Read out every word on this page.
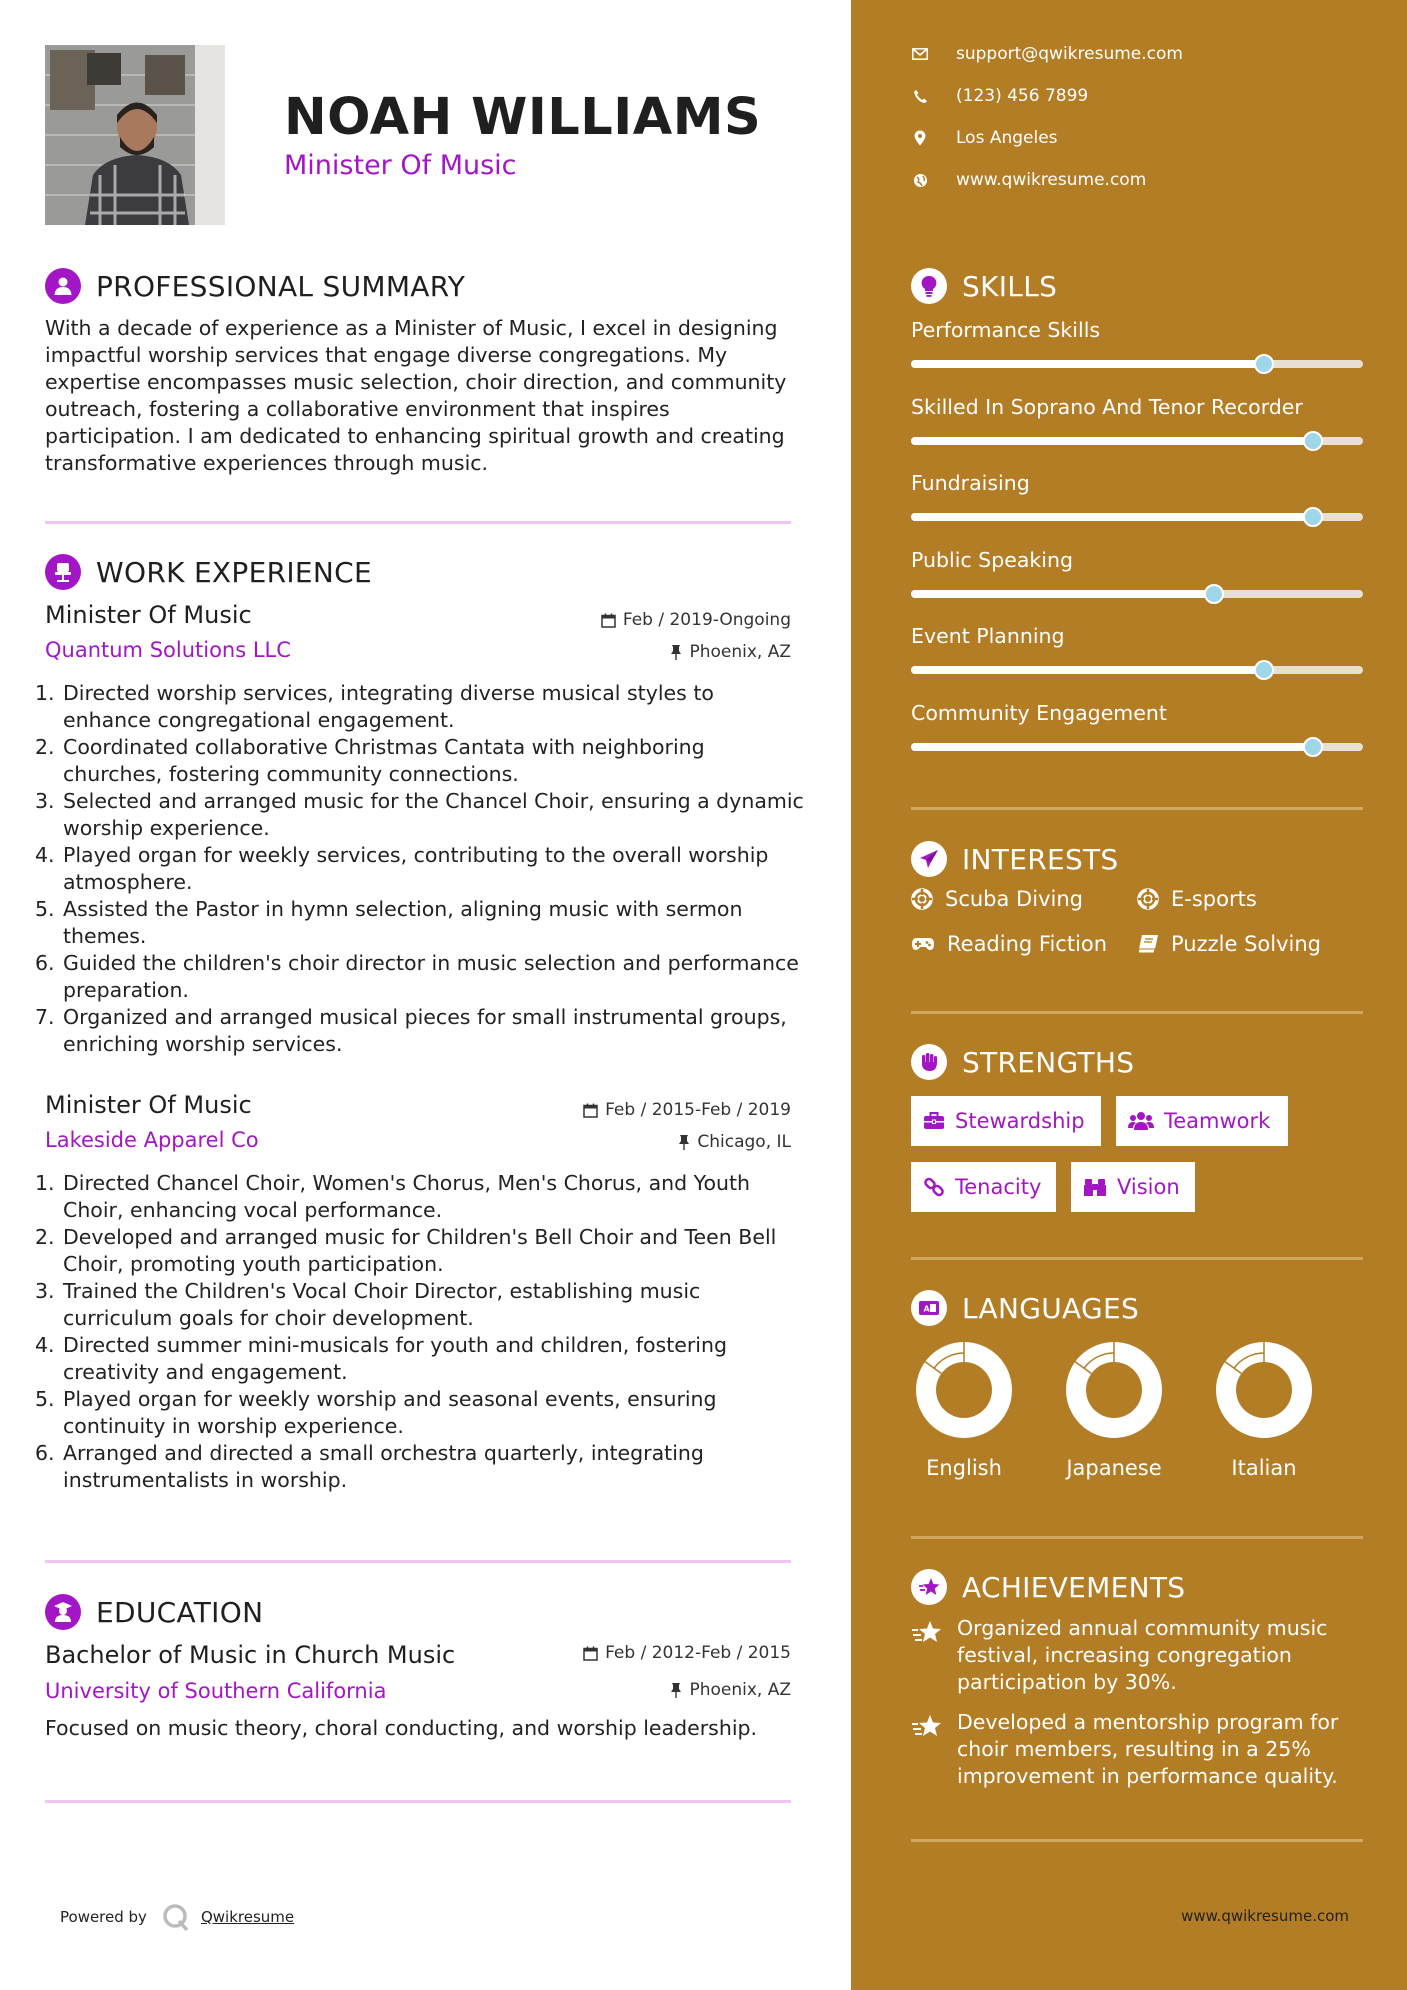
NOAH WILLIAMS
Minister Of Music
PROFESSIONAL SUMMARY
With a decade of experience as a Minister of Music, I excel in designing impactful worship services that engage diverse congregations. My expertise encompasses music selection, choir direction, and community outreach, fostering a collaborative environment that inspires participation. I am dedicated to enhancing spiritual growth and creating transformative experiences through music.
WORK EXPERIENCE
Minister Of Music	Feb / 2019-Ongoing
Quantum Solutions LLC	Phoenix, AZ
1. Directed worship services, integrating diverse musical styles to enhance congregational engagement.
2. Coordinated collaborative Christmas Cantata with neighboring churches, fostering community connections.
3. Selected and arranged music for the Chancel Choir, ensuring a dynamic worship experience.
4. Played organ for weekly services, contributing to the overall worship atmosphere.
5. Assisted the Pastor in hymn selection, aligning music with sermon themes.
6. Guided the children's choir director in music selection and performance preparation.
7. Organized and arranged musical pieces for small instrumental groups, enriching worship services.
Minister Of Music	Feb / 2015-Feb / 2019
Lakeside Apparel Co	Chicago, IL
1. Directed Chancel Choir, Women's Chorus, Men's Chorus, and Youth Choir, enhancing vocal performance.
2. Developed and arranged music for Children's Bell Choir and Teen Bell Choir, promoting youth participation.
3. Trained the Children's Vocal Choir Director, establishing music curriculum goals for choir development.
4. Directed summer mini-musicals for youth and children, fostering creativity and engagement.
5. Played organ for weekly worship and seasonal events, ensuring continuity in worship experience.
6. Arranged and directed a small orchestra quarterly, integrating instrumentalists in worship.
EDUCATION
Bachelor of Music in Church Music	Feb / 2012-Feb / 2015
University of Southern California	Phoenix, AZ
Focused on music theory, choral conducting, and worship leadership.
Powered by	Qwikresume
support@qwikresume.com
(123) 456 7899
Los Angeles
www.qwikresume.com
SKILLS
Performance Skills
Skilled In Soprano And Tenor Recorder
Fundraising
Public Speaking
Event Planning
Community Engagement
INTERESTS
Scuba Diving	E-sports
Reading Fiction	Puzzle Solving
STRENGTHS
Stewardship	Teamwork
Tenacity	Vision
A LANGUAGES
English	Japanese	Italian
ACHIEVEMENTS
Organized annual community music festival, increasing congregation participation by 30%.
Developed a mentorship program for choir members, resulting in a 25% improvement in performance quality.
www.qwikresume.com
